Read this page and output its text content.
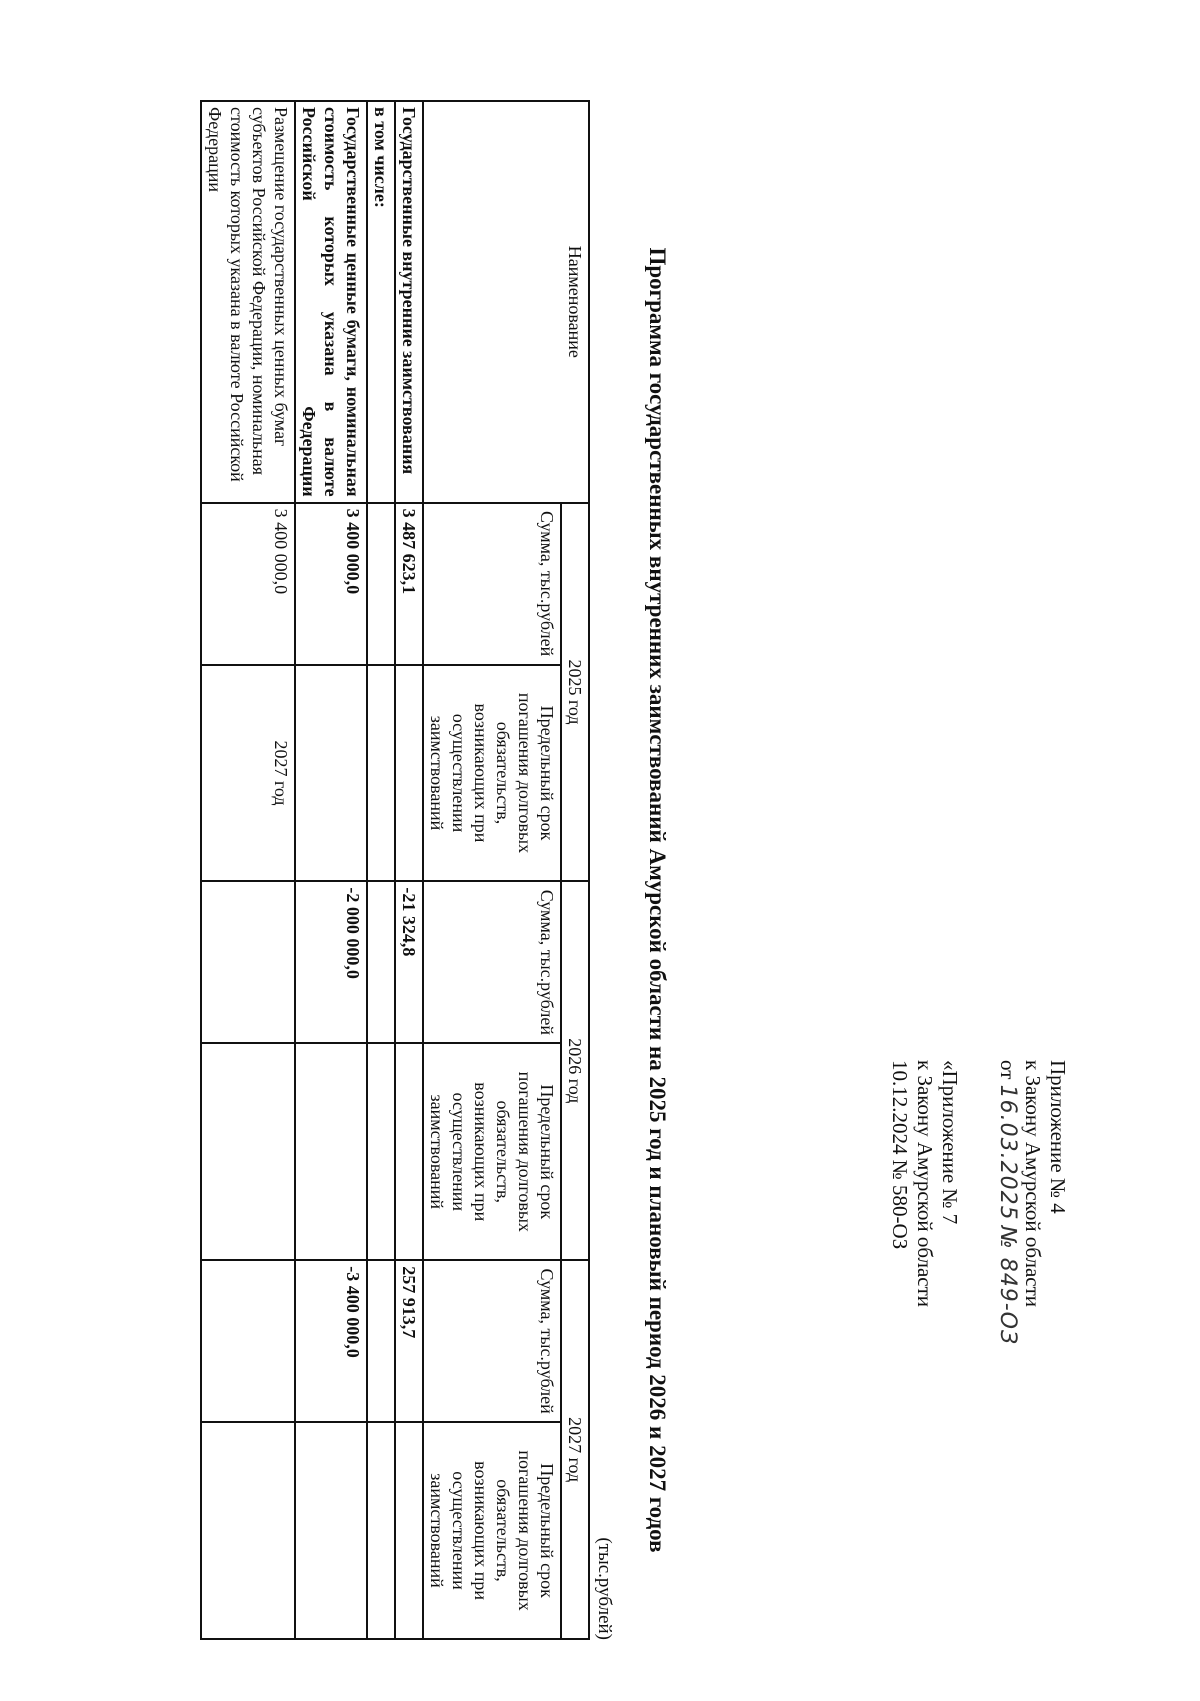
Приложение № 4
к Закону Амурской области
от 16.03.2025 № 849-ОЗ
«Приложение № 7
к Закону Амурской области
10.12.2024 № 580-ОЗ
Программа государственных внутренних заимствований Амурской области на 2025 год и плановый период 2026 и 2027 годов
(тыс.рублей)
Наименование	2025 год		2026 год		2027 год	
	Сумма, тыс.рублей	Предельный срок погашения долговых обязательств, возникающих при осуществлении заимствований	Сумма, тыс.рублей	Предельный срок погашения долговых обязательств, возникающих при осуществлении заимствований	Сумма, тыс.рублей	Предельный срок погашения долговых обязательств, возникающих при осуществлении заимствований
Государственные внутренние заимствования	3 487 623,1		-21 324,8		257 913,7	
в том числе:						
Государственные ценные бумаги, номинальная стоимость которых указана в валюте Российской Федерации	3 400 000,0		-2 000 000,0		-3 400 000,0	
Размещение государственных ценных бумаг субъектов Российской Федерации, номинальная стоимость которых указана в валюте Российской Федерации	3 400 000,0	2027 год				
